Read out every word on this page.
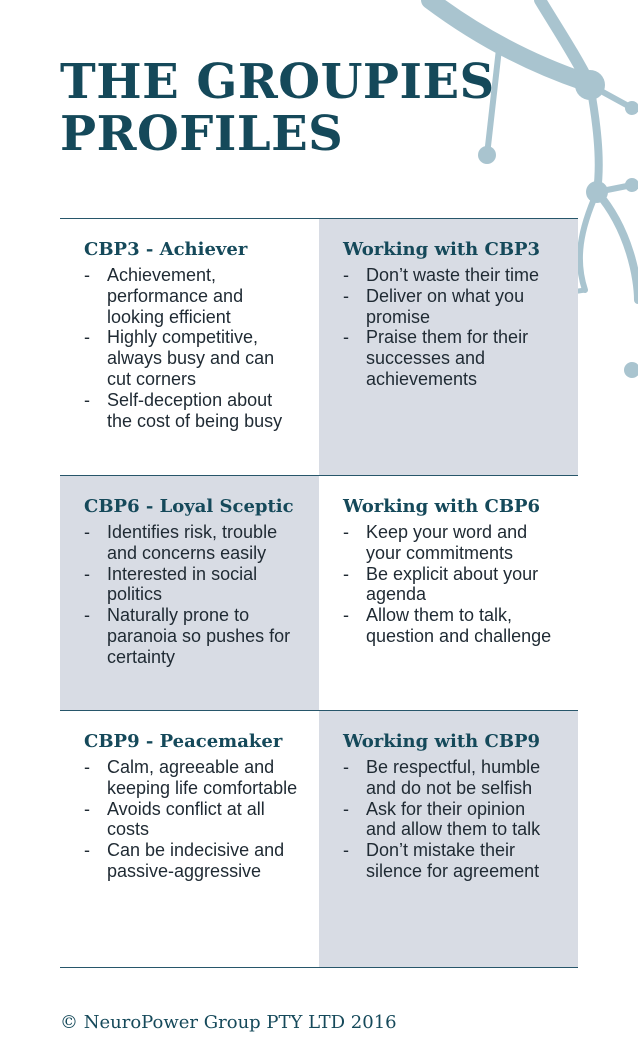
THE GROUPIES
PROFILES
CBP3 - Achiever
- Achievement, performance and looking efficient
- Highly competitive, always busy and can cut corners
- Self-deception about the cost of being busy
Working with CBP3
- Don’t waste their time
- Deliver on what you promise
- Praise them for their successes and achievements
CBP6 - Loyal Sceptic
- Identifies risk, trouble and concerns easily
- Interested in social politics
- Naturally prone to paranoia so pushes for certainty
Working with CBP6
- Keep your word and your commitments
- Be explicit about your agenda
- Allow them to talk, question and challenge
CBP9 - Peacemaker
- Calm, agreeable and keeping life comfortable
- Avoids conflict at all costs
- Can be indecisive and passive-aggressive
Working with CBP9
- Be respectful, humble and do not be selfish
- Ask for their opinion and allow them to talk
- Don’t mistake their silence for agreement

© NeuroPower Group PTY LTD 2016
